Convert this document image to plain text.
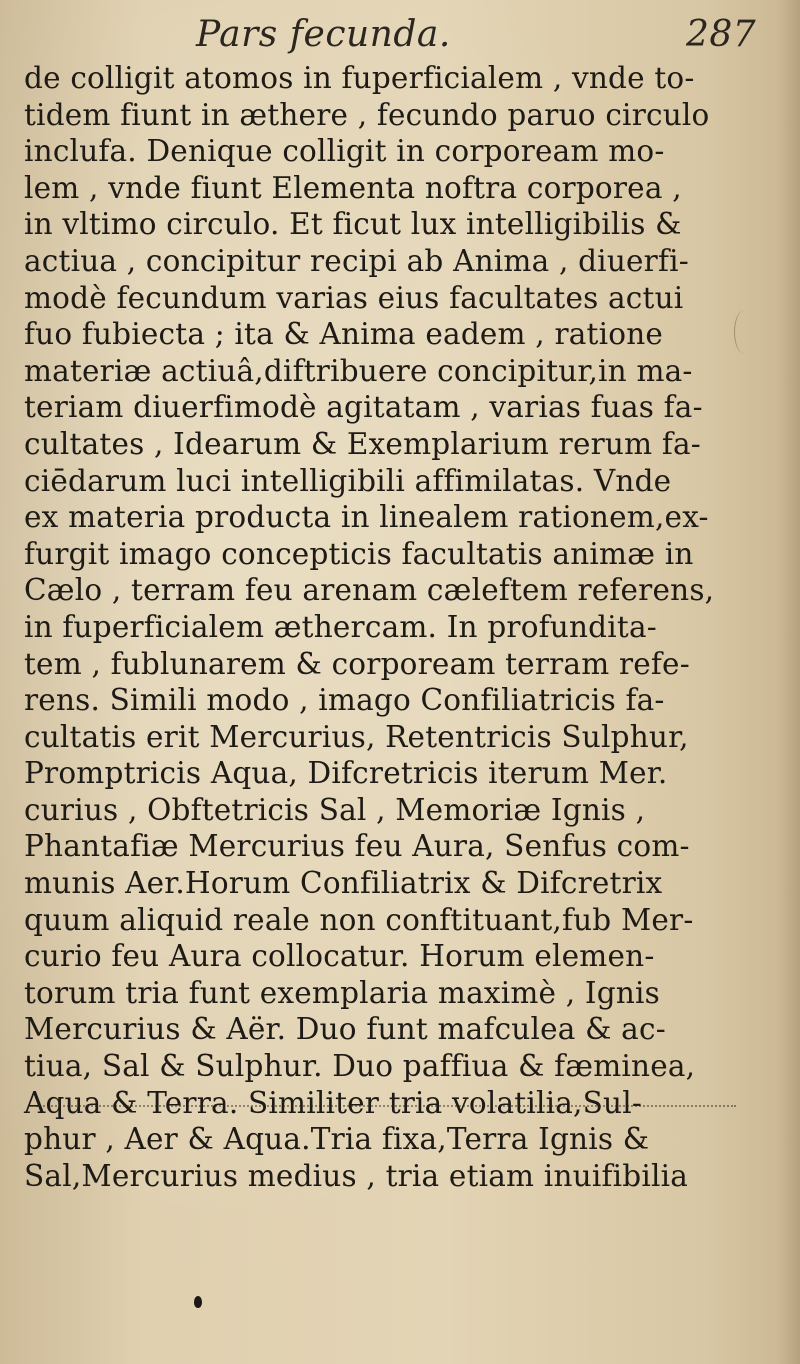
Pars fecunda.	287
de colligit atomos in fuperficialem , vnde to-
tidem fiunt in æthere , fecundo paruo circulo
inclufa. Denique colligit in corpoream mo-
lem , vnde fiunt Elementa noftra corporea ,
in vltimo circulo. Et ficut lux intelligibilis &
actiua , concipitur recipi ab Anima , diuerfi-
modè fecundum varias eius facultates actui
fuo fubiecta ; ita & Anima eadem , ratione
materiæ actiuâ,diftribuere concipitur,in ma-
teriam diuerfimodè agitatam , varias fuas fa-
cultates , Idearum & Exemplarium rerum fa-
ciēdarum luci intelligibili affimilatas. Vnde
ex materia producta in linealem rationem,ex-
furgit imago concepticis facultatis animæ in
Cælo , terram feu arenam cæleftem referens,
in fuperficialem æthercam. In profundita-
tem , fublunarem & corpoream terram refe-
rens. Simili modo , imago Confiliatricis fa-
cultatis erit Mercurius, Retentricis Sulphur,
Promptricis Aqua, Difcretricis iterum Mer.
curius , Obftetricis Sal , Memoriæ Ignis ,
Phantafiæ Mercurius feu Aura, Senfus com-
munis Aer.Horum Confiliatrix & Difcretrix
quum aliquid reale non conftituant,fub Mer-
curio feu Aura collocatur. Horum elemen-
torum tria funt exemplaria maximè , Ignis
Mercurius & Aër. Duo funt mafculea & ac-
tiua, Sal & Sulphur. Duo paffiua & fæminea,
Aqua & Terra. Similiter tria volatilia,Sul-
phur , Aer & Aqua.Tria fixa,Terra Ignis &
Sal,Mercurius medius , tria etiam inuifibilia
